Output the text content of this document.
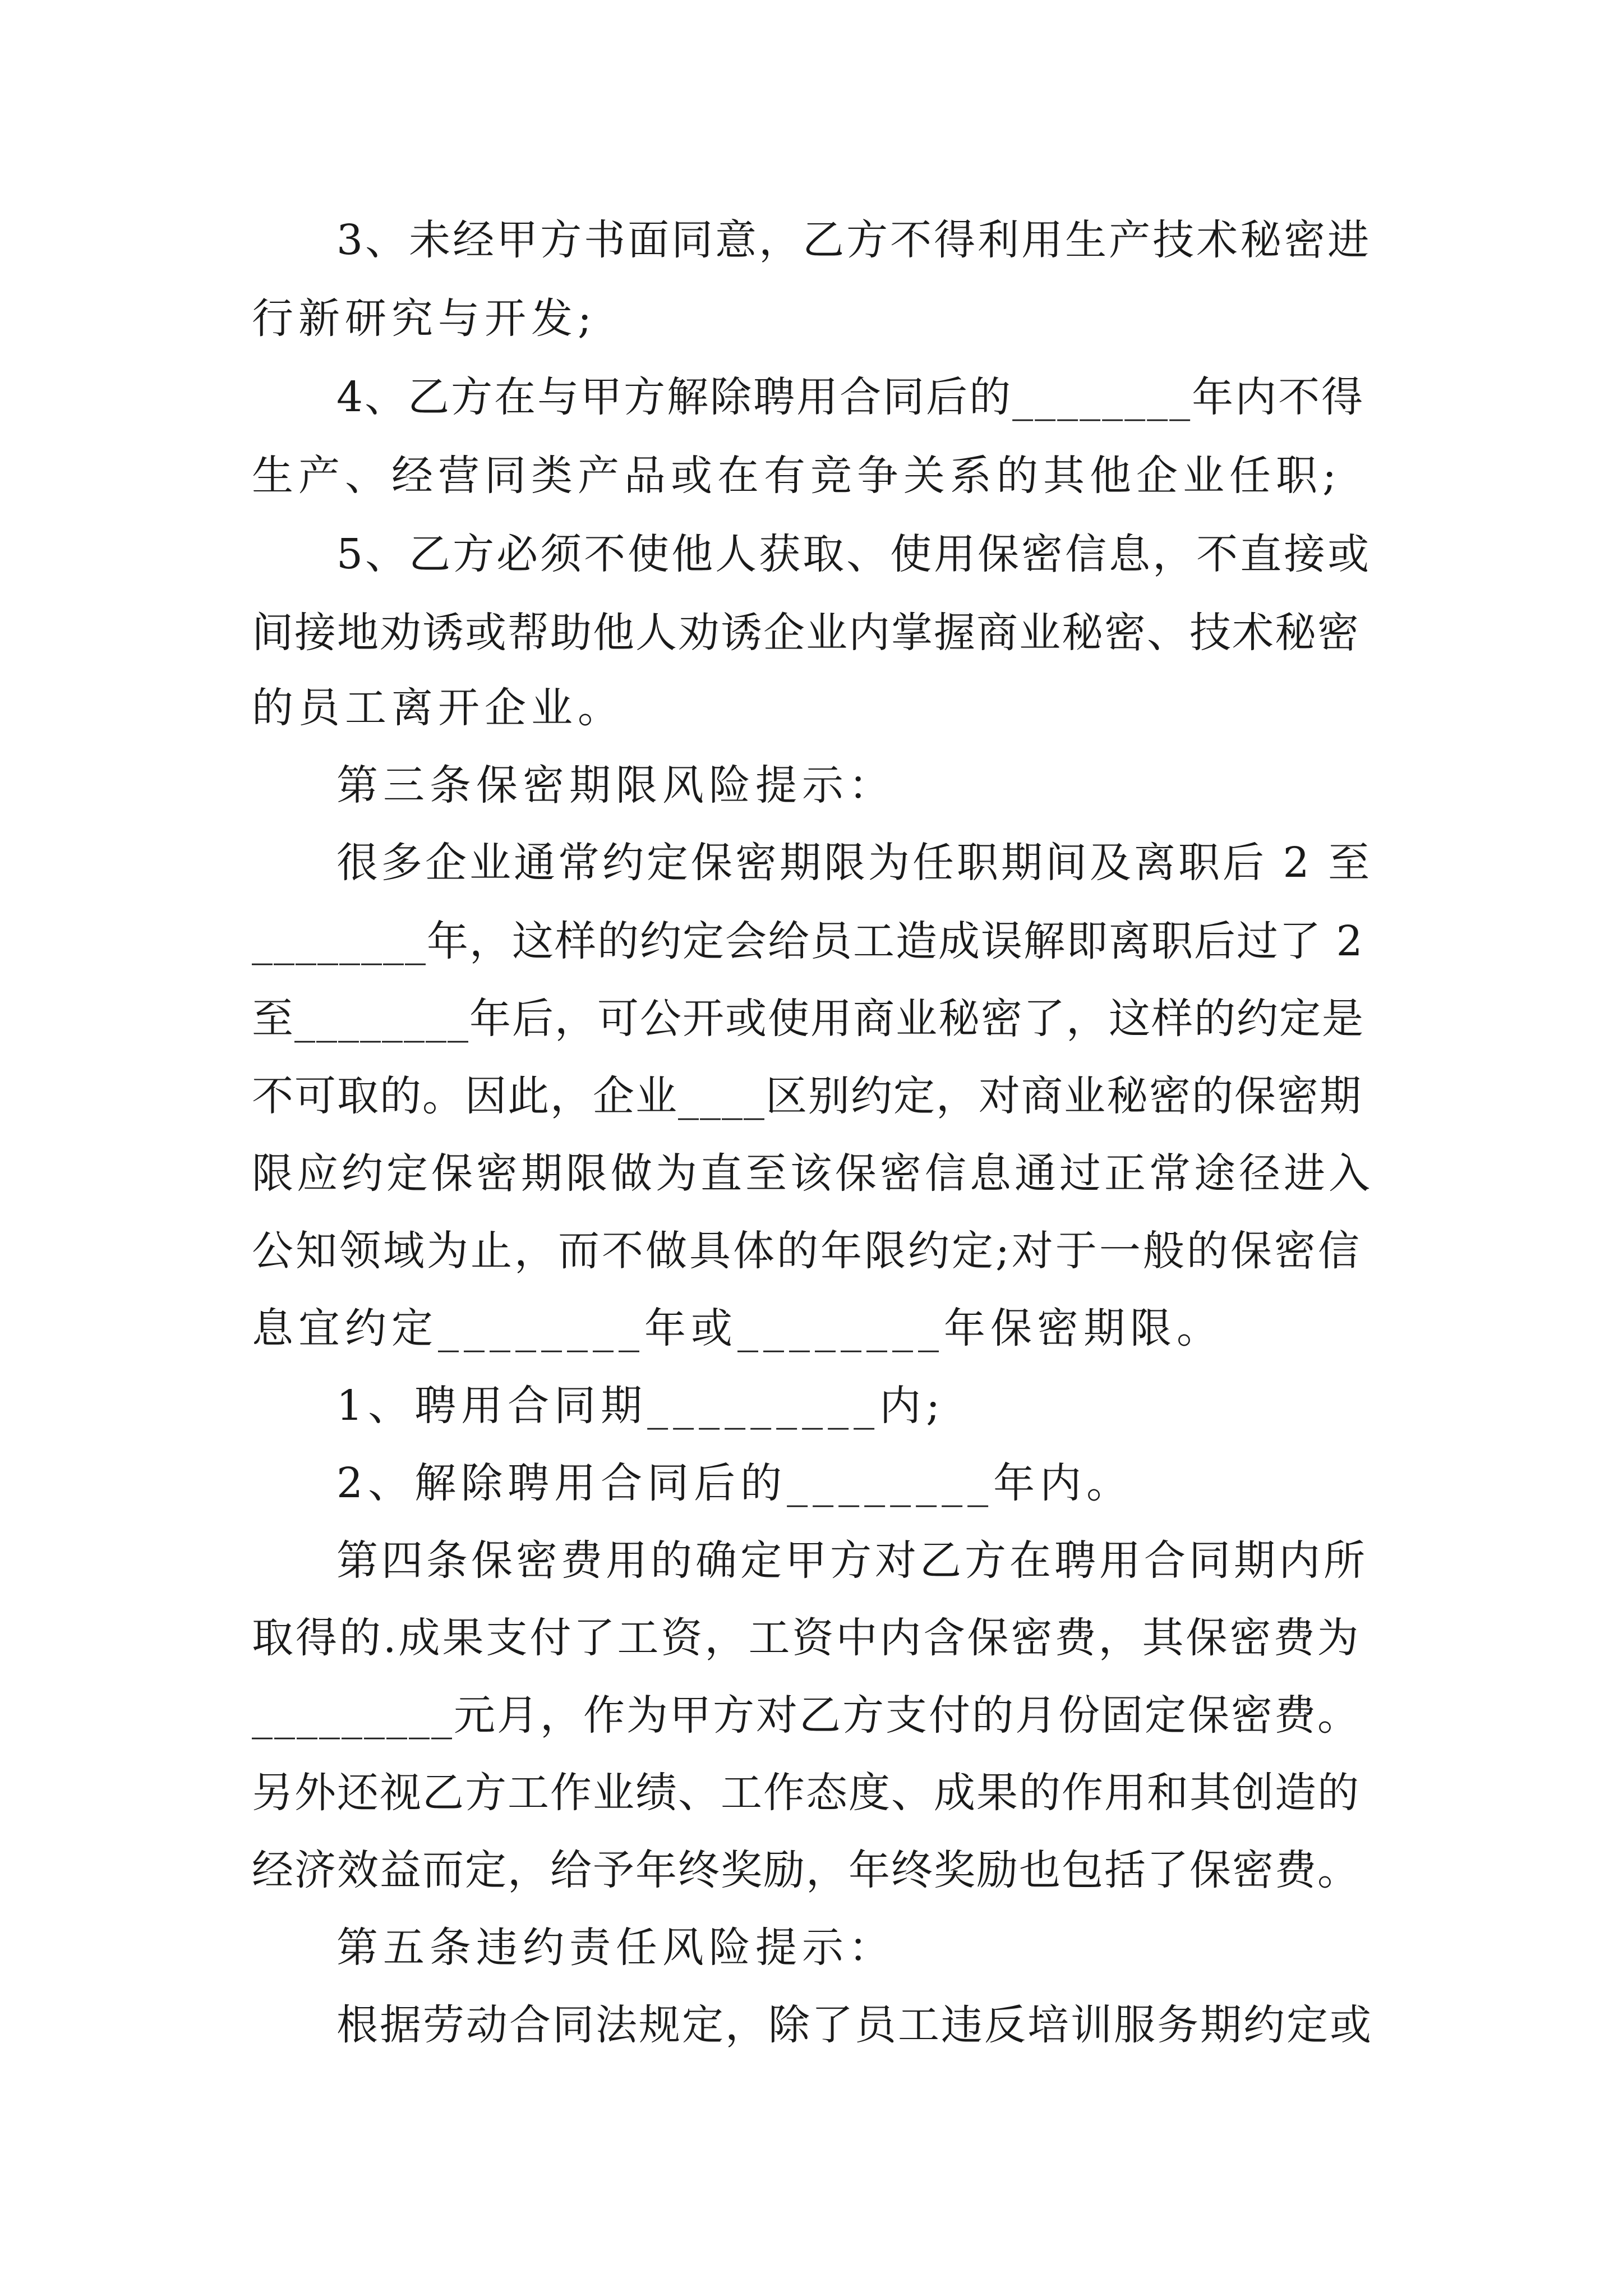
3、未经甲方书面同意，乙方不得利用生产技术秘密进
行新研究与开发;
4、乙方在与甲方解除聘用合同后的________年内不得
生产、经营同类产品或在有竞争关系的其他企业任职;
5、乙方必须不使他人获取、使用保密信息，不直接或
间接地劝诱或帮助他人劝诱企业内掌握商业秘密、技术秘密
的员工离开企业。
第三条保密期限风险提示：
很多企业通常约定保密期限为任职期间及离职后 2 至
________年，这样的约定会给员工造成误解即离职后过了 2
至________年后，可公开或使用商业秘密了，这样的约定是
不可取的。因此，企业____区别约定，对商业秘密的保密期
限应约定保密期限做为直至该保密信息通过正常途径进入
公知领域为止，而不做具体的年限约定;对于一般的保密信
息宜约定________年或________年保密期限。
1、聘用合同期_________内;
2、解除聘用合同后的________年内。
第四条保密费用的确定甲方对乙方在聘用合同期内所
取得的.成果支付了工资，工资中内含保密费，其保密费为
_________元月，作为甲方对乙方支付的月份固定保密费。
另外还视乙方工作业绩、工作态度、成果的作用和其创造的
经济效益而定，给予年终奖励，年终奖励也包括了保密费。
第五条违约责任风险提示：
根据劳动合同法规定，除了员工违反培训服务期约定或
